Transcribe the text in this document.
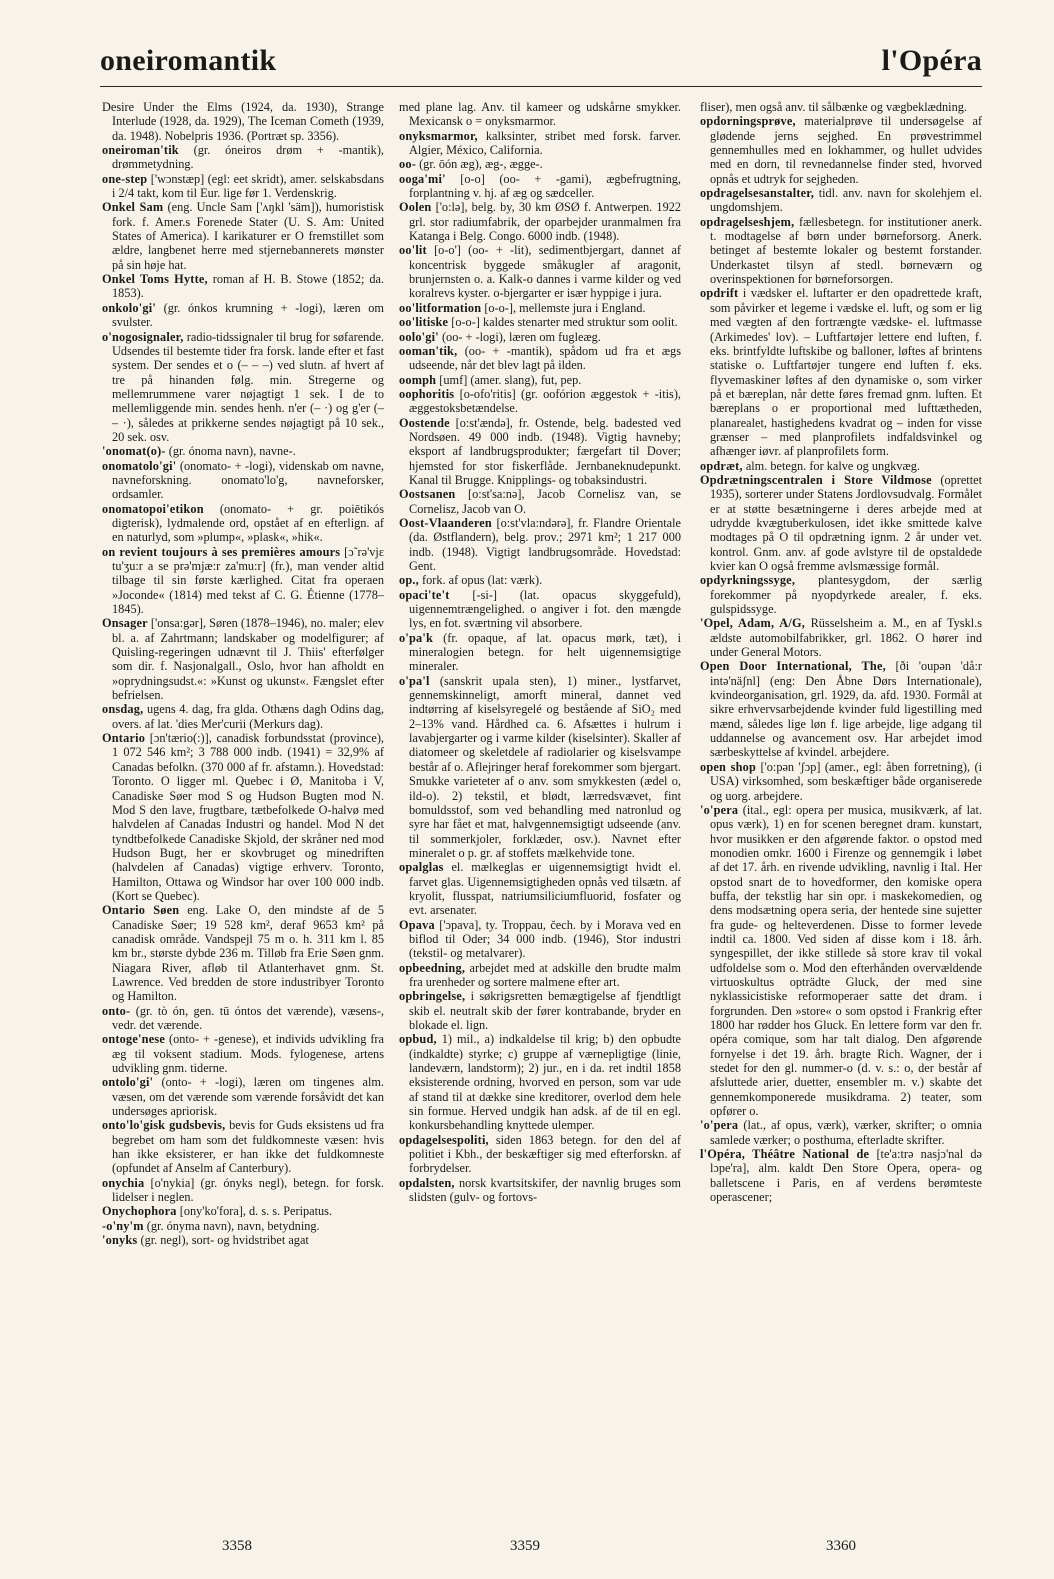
oneiromantik	l'Opéra

Desire Under the Elms (1924, da. 1930), Strange Interlude (1928, da. 1929), The Iceman Cometh (1939, da. 1948). Nobelpris 1936. (Portræt sp. 3356).

oneiroman'tik (gr. óneiros drøm + -mantik), drømmetydning.

one-step ['wɔnstæp] (egl: eet skridt), amer. selskabsdans i 2/4 takt, kom til Eur. lige før 1. Verdenskrig.

Onkel Sam (eng. Uncle Sam ['ʌŋkl 'säm]), humoristisk fork. f. Amer.s Forenede Stater (U. S. Am: United States of America). I karikaturer er O fremstillet som ældre, langbenet herre med stjernebannerets mønster på sin høje hat.

Onkel Toms Hytte, roman af H. B. Stowe (1852; da. 1853).

onkolo'gi' (gr. ónkos krumning + -logi), læren om svulster.

o'nogosignaler, radio-tidssignaler til brug for søfarende. Udsendes til bestemte tider fra forsk. lande efter et fast system. Der sendes et o (– – –) ved slutn. af hvert af tre på hinanden følg. min. Stregerne og mellemrummene varer nøjagtigt 1 sek. I de to mellemliggende min. sendes henh. n'er (– ·) og g'er (– – ·), således at prikkerne sendes nøjagtigt på 10 sek., 20 sek. osv.

'onomat(o)- (gr. ónoma navn), navne-.

onomatolo'gi' (onomato- + -logi), videnskab om navne, navneforskning. onomato'lo'g, navneforsker, ordsamler.

onomatopoi'etikon (onomato- + gr. poiētikós digterisk), lydmalende ord, opstået af en efterlign. af en naturlyd, som »plump«, »plask«, »hik«.

on revient toujours à ses premières amours [ɔ̃ rə'vjɛ̃ tu'ʒu:r a se prə'mjæ:r za'mu:r] (fr.), man vender altid tilbage til sin første kærlighed. Citat fra operaen »Joconde« (1814) med tekst af C. G. Étienne (1778–1845).

Onsager ['onsa:gər], Søren (1878–1946), no. maler; elev bl. a. af Zahrtmann; landskaber og modelfigurer; af Quisling-regeringen udnævnt til J. Thiis' efterfølger som dir. f. Nasjonalgall., Oslo, hvor han afholdt en »oprydningsudst.«: »Kunst og ukunst«. Fængslet efter befrielsen.

onsdag, ugens 4. dag, fra glda. Othæns dagh Odins dag, overs. af lat. 'dies Mer'curii (Merkurs dag).

Ontario [ɔn'tærio(:)], canadisk forbundsstat (province), 1 072 546 km²; 3 788 000 indb. (1941) = 32,9% af Canadas befolkn. (370 000 af fr. afstamn.). Hovedstad: Toronto. O ligger ml. Quebec i Ø, Manitoba i V, Canadiske Søer mod S og Hudson Bugten mod N. Mod S den lave, frugtbare, tætbefolkede O-halvø med halvdelen af Canadas Industri og handel. Mod N det tyndtbefolkede Canadiske Skjold, der skråner ned mod Hudson Bugt, her er skovbruget og minedriften (halvdelen af Canadas) vigtige erhverv. Toronto, Hamilton, Ottawa og Windsor har over 100 000 indb. (Kort se Quebec).

Ontario Søen eng. Lake O, den mindste af de 5 Canadiske Søer; 19 528 km², deraf 9653 km² på canadisk område. Vandspejl 75 m o. h. 311 km l. 85 km br., største dybde 236 m. Tilløb fra Erie Søen gnm. Niagara River, afløb til Atlanterhavet gnm. St. Lawrence. Ved bredden de store industribyer Toronto og Hamilton.

onto- (gr. tò ón, gen. tū óntos det værende), væsens-, vedr. det værende.

ontoge'nese (onto- + -genese), et individs udvikling fra æg til voksent stadium. Mods. fylogenese, artens udvikling gnm. tiderne.

ontolo'gi' (onto- + -logi), læren om tingenes alm. væsen, om det værende som værende forsåvidt det kan undersøges apriorisk.

onto'lo'gisk gudsbevis, bevis for Guds eksistens ud fra begrebet om ham som det fuldkomneste væsen: hvis han ikke eksisterer, er han ikke det fuldkomneste (opfundet af Anselm af Canterbury).

onychia [o'nykia] (gr. ónyks negl), betegn. for forsk. lidelser i neglen.

Onychophora [ony'ko'fora], d. s. s. Peripatus.

-o'ny'm (gr. ónyma navn), navn, betydning.

'onyks (gr. negl), sort- og hvidstribet agat

med plane lag. Anv. til kameer og udskårne smykker. Mexicansk o = onyksmarmor.

onyksmarmor, kalksinter, stribet med forsk. farver. Algier, México, California.

oo- (gr. ōón æg), æg-, ægge-.

ooga'mi' [o-o] (oo- + -gami), ægbefrugtning, forplantning v. hj. af æg og sædceller.

Oolen ['o:lə], belg. by, 30 km ØSØ f. Antwerpen. 1922 grl. stor radiumfabrik, der oparbejder uranmalmen fra Katanga i Belg. Congo. 6000 indb. (1948).

oo'lit [o-o'] (oo- + -lit), sedimentbjergart, dannet af koncentrisk byggede småkugler af aragonit, brunjernsten o. a. Kalk-o dannes i varme kilder og ved koralrevs kyster. o-bjergarter er især hyppige i jura.

oo'litformation [o-o-], mellemste jura i England.

oo'litiske [o-o-] kaldes stenarter med struktur som oolit.

oolo'gi' (oo- + -logi), læren om fugleæg.

ooman'tik, (oo- + -mantik), spådom ud fra et ægs udseende, når det blev lagt på ilden.

oomph [umf] (amer. slang), fut, pep.

oophoritis [o-ofo'ritis] (gr. oofórion æggestok + -itis), æggestoksbetændelse.

Oostende [o:st'ændə], fr. Ostende, belg. badested ved Nordsøen. 49 000 indb. (1948). Vigtig havneby; eksport af landbrugsprodukter; færgefart til Dover; hjemsted for stor fiskerflåde. Jernbaneknudepunkt. Kanal til Brugge. Knipplings- og tobaksindustri.

Oostsanen [o:st'sa:nə], Jacob Cornelisz van, se Cornelisz, Jacob van O.

Oost-Vlaanderen [o:st'vla:ndərə], fr. Flandre Orientale (da. Østflandern), belg. prov.; 2971 km²; 1 217 000 indb. (1948). Vigtigt landbrugsområde. Hovedstad: Gent.

op., fork. af opus (lat: værk).

opaci'te't [-si-] (lat. opacus skyggefuld), uigennemtrængelighed. o angiver i fot. den mængde lys, en fot. sværtning vil absorbere.

o'pa'k (fr. opaque, af lat. opacus mørk, tæt), i mineralogien betegn. for helt uigennemsigtige mineraler.

o'pa'l (sanskrit upala sten), 1) miner., lystfarvet, gennemskinneligt, amorft mineral, dannet ved indtørring af kiselsyregelé og bestående af SiO₂ med 2–13% vand. Hårdhed ca. 6. Afsættes i hulrum i lavabjergarter og i varme kilder (kiselsinter). Skaller af diatomeer og skeletdele af radiolarier og kiselsvampe består af o. Aflejringer heraf forekommer som bjergart. Smukke varieteter af o anv. som smykkesten (ædel o, ild-o). 2) tekstil, et blødt, lærredsvævet, fint bomuldsstof, som ved behandling med natronlud og syre har fået et mat, halvgennemsigtigt udseende (anv. til sommerkjoler, forklæder, osv.). Navnet efter mineralet o p. gr. af stoffets mælkehvide tone.

opalglas el. mælkeglas er uigennemsigtigt hvidt el. farvet glas. Uigennemsigtigheden opnås ved tilsætn. af kryolit, flusspat, natriumsiliciumfluorid, fosfater og evt. arsenater.

Opava ['ɔpava], ty. Troppau, čech. by i Morava ved en biflod til Oder; 34 000 indb. (1946), Stor industri (tekstil- og metalvarer).

opbeedning, arbejdet med at adskille den brudte malm fra urenheder og sortere malmene efter art.

opbringelse, i søkrigsretten bemægtigelse af fjendtligt skib el. neutralt skib der fører kontrabande, bryder en blokade el. lign.

opbud, 1) mil., a) indkaldelse til krig; b) den opbudte (indkaldte) styrke; c) gruppe af værnepligtige (linie, landeværn, landstorm); 2) jur., en i da. ret indtil 1858 eksisterende ordning, hvorved en person, som var ude af stand til at dække sine kreditorer, overlod dem hele sin formue. Herved undgik han adsk. af de til en egl. konkursbehandling knyttede ulemper.

opdagelsespoliti, siden 1863 betegn. for den del af politiet i Kbh., der beskæftiger sig med efterforskn. af forbrydelser.

opdalsten, norsk kvartsitskifer, der navnlig bruges som slidsten (gulv- og fortovs-

fliser), men også anv. til sålbænke og vægbeklædning.

opdorningsprøve, materialprøve til undersøgelse af glødende jerns sejghed. En prøvestrimmel gennemhulles med en lokhammer, og hullet udvides med en dorn, til revnedannelse finder sted, hvorved opnås et udtryk for sejgheden.

opdragelsesanstalter, tidl. anv. navn for skolehjem el. ungdomshjem.

opdragelseshjem, fællesbetegn. for institutioner anerk. t. modtagelse af børn under børneforsorg. Anerk. betinget af bestemte lokaler og bestemt forstander. Underkastet tilsyn af stedl. børneværn og overinspektionen for børneforsorgen.

opdrift i vædsker el. luftarter er den opadrettede kraft, som påvirker et legeme i vædske el. luft, og som er lig med vægten af den fortrængte vædske- el. luftmasse (Arkimedes' lov). – Luftfartøjer lettere end luften, f. eks. brintfyldte luftskibe og balloner, løftes af brintens statiske o. Luftfartøjer tungere end luften f. eks. flyvemaskiner løftes af den dynamiske o, som virker på et bæreplan, når dette føres fremad gnm. luften. Et bæreplans o er proportional med lufttætheden, planarealet, hastighedens kvadrat og – inden for visse grænser – med planprofilets indfaldsvinkel og afhænger iøvr. af planprofilets form.

opdræt, alm. betegn. for kalve og ungkvæg.

Opdrætningscentralen i Store Vildmose (oprettet 1935), sorterer under Statens Jordlovsudvalg. Formålet er at støtte besætningerne i deres arbejde med at udrydde kvægtuberkulosen, idet ikke smittede kalve modtages på O til opdrætning ignm. 2 år under vet. kontrol. Gnm. anv. af gode avlstyre til de opstaldede kvier kan O også fremme avlsmæssige formål.

opdyrkningssyge, plantesygdom, der særlig forekommer på nyopdyrkede arealer, f. eks. gulspidssyge.

'Opel, Adam, A/G, Rüsselsheim a. M., en af Tyskl.s ældste automobilfabrikker, grl. 1862. O hører ind under General Motors.

Open Door International, The, [ði 'oupən 'då:r intə'näʃnl] (eng: Den Åbne Dørs Internationale), kvindeorganisation, grl. 1929, da. afd. 1930. Formål at sikre erhvervsarbejdende kvinder fuld ligestilling med mænd, således lige løn f. lige arbejde, lige adgang til uddannelse og avancement osv. Har arbejdet imod særbeskyttelse af kvindel. arbejdere.

open shop ['o:pən 'ʃɔp] (amer., egl: åben forretning), (i USA) virksomhed, som beskæftiger både organiserede og uorg. arbejdere.

'o'pera (ital., egl: opera per musica, musikværk, af lat. opus værk), 1) en for scenen beregnet dram. kunstart, hvor musikken er den afgørende faktor. o opstod med monodien omkr. 1600 i Firenze og gennemgik i løbet af det 17. årh. en rivende udvikling, navnlig i Ital. Her opstod snart de to hovedformer, den komiske opera buffa, der tekstlig har sin opr. i maskekomedien, og dens modsætning opera seria, der hentede sine sujetter fra gude- og helteverdenen. Disse to former levede indtil ca. 1800. Ved siden af disse kom i 18. årh. syngespillet, der ikke stillede så store krav til vokal udfoldelse som o. Mod den efterhånden overvældende virtuoskultus opträdte Gluck, der med sine nyklassicistiske reformoperaer satte det dram. i forgrunden. Den »store« o som opstod i Frankrig efter 1800 har rødder hos Gluck. En lettere form var den fr. opéra comique, som har talt dialog. Den afgørende fornyelse i det 19. årh. bragte Rich. Wagner, der i stedet for den gl. nummer-o (d. v. s.: o, der består af afsluttede arier, duetter, ensembler m. v.) skabte det gennemkomponerede musikdrama. 2) teater, som opfører o.

'o'pera (lat., af opus, værk), værker, skrifter; o omnia samlede værker; o posthuma, efterladte skrifter.

l'Opéra, Théâtre National de [te'a:trə nasjɔ'nal də lɔpe'ra], alm. kaldt Den Store Opera, opera- og balletscene i Paris, en af verdens berømteste operascener;

3358	3359	3360
